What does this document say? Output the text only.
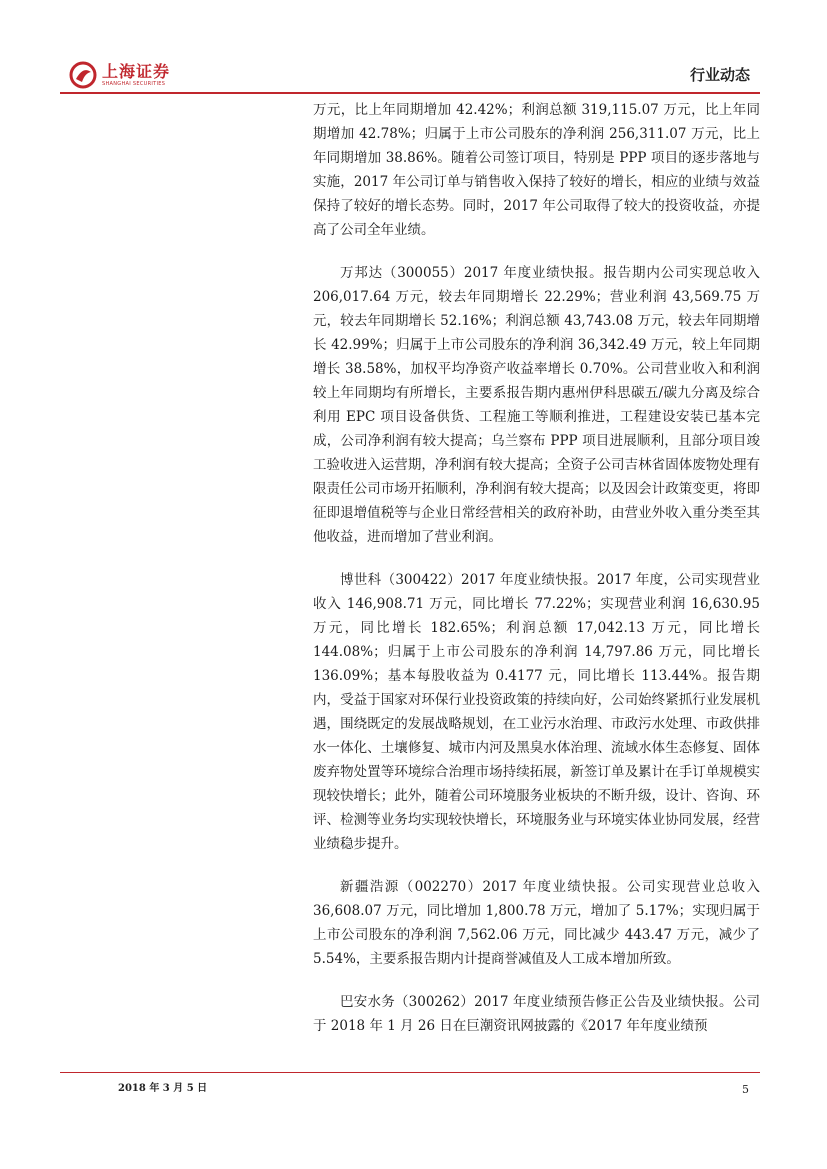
上海证券
SHANGHAI SECURITIES	行业动态

万元，比上年同期增加 42.42%；利润总额 319,115.07 万元，比上年同期增加 42.78%；归属于上市公司股东的净利润 256,311.07 万元，比上年同期增加 38.86%。随着公司签订项目，特别是 PPP 项目的逐步落地与实施，2017 年公司订单与销售收入保持了较好的增长，相应的业绩与效益保持了较好的增长态势。同时，2017 年公司取得了较大的投资收益，亦提高了公司全年业绩。

万邦达（300055）2017 年度业绩快报。报告期内公司实现总收入 206,017.64 万元，较去年同期增长 22.29%；营业利润 43,569.75 万元，较去年同期增长 52.16%；利润总额 43,743.08 万元，较去年同期增长 42.99%；归属于上市公司股东的净利润 36,342.49 万元，较上年同期增长 38.58%，加权平均净资产收益率增长 0.70%。公司营业收入和利润较上年同期均有所增长，主要系报告期内惠州伊科思碳五/碳九分离及综合利用 EPC 项目设备供货、工程施工等顺利推进，工程建设安装已基本完成，公司净利润有较大提高；乌兰察布 PPP 项目进展顺利，且部分项目竣工验收进入运营期，净利润有较大提高；全资子公司吉林省固体废物处理有限责任公司市场开拓顺利，净利润有较大提高；以及因会计政策变更，将即征即退增值税等与企业日常经营相关的政府补助，由营业外收入重分类至其他收益，进而增加了营业利润。

博世科（300422）2017 年度业绩快报。2017 年度，公司实现营业收入 146,908.71 万元，同比增长 77.22%；实现营业利润 16,630.95 万元，同比增长 182.65%；利润总额 17,042.13 万元，同比增长 144.08%；归属于上市公司股东的净利润 14,797.86 万元，同比增长 136.09%；基本每股收益为 0.4177 元，同比增长 113.44%。报告期内，受益于国家对环保行业投资政策的持续向好，公司始终紧抓行业发展机遇，围绕既定的发展战略规划，在工业污水治理、市政污水处理、市政供排水一体化、土壤修复、城市内河及黑臭水体治理、流域水体生态修复、固体废弃物处置等环境综合治理市场持续拓展，新签订单及累计在手订单规模实现较快增长；此外，随着公司环境服务业板块的不断升级，设计、咨询、环评、检测等业务均实现较快增长，环境服务业与环境实体业协同发展，经营业绩稳步提升。

新疆浩源（002270）2017 年度业绩快报。公司实现营业总收入 36,608.07 万元，同比增加 1,800.78 万元，增加了 5.17%；实现归属于上市公司股东的净利润 7,562.06 万元，同比减少 443.47 万元，减少了 5.54%，主要系报告期内计提商誉减值及人工成本增加所致。

巴安水务（300262）2017 年度业绩预告修正公告及业绩快报。公司于 2018 年 1 月 26 日在巨潮资讯网披露的《2017 年年度业绩预

2018 年 3 月 5 日	5
